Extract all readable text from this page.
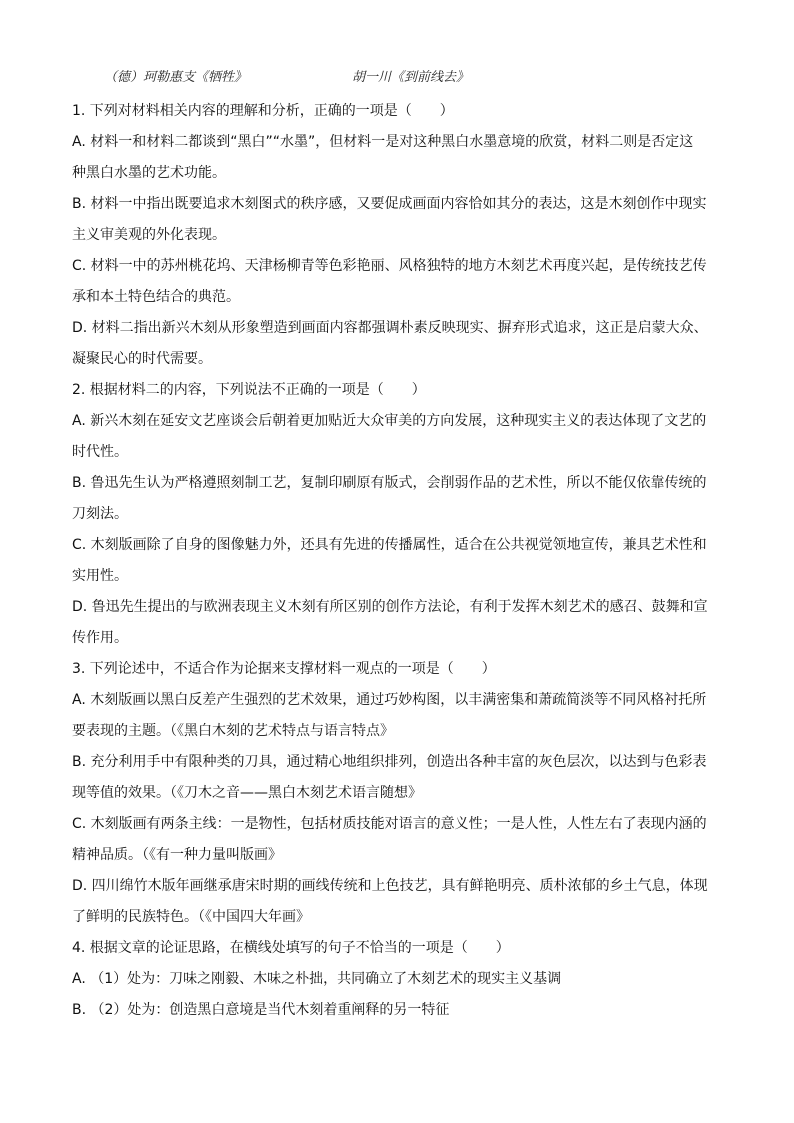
（德）珂勒惠支《牺牲》	胡一川《到前线去》
1. 下列对材料相关内容的理解和分析，正确的一项是（　　）
A. 材料一和材料二都谈到“黑白”“水墨”，但材料一是对这种黑白水墨意境的欣赏，材料二则是否定这
种黑白水墨的艺术功能。
B. 材料一中指出既要追求木刻图式的秩序感，又要促成画面内容恰如其分的表达，这是木刻创作中现实
主义审美观的外化表现。
C. 材料一中的苏州桃花坞、天津杨柳青等色彩艳丽、风格独特的地方木刻艺术再度兴起，是传统技艺传
承和本土特色结合的典范。
D. 材料二指出新兴木刻从形象塑造到画面内容都强调朴素反映现实、摒弃形式追求，这正是启蒙大众、
凝聚民心的时代需要。
2. 根据材料二的内容，下列说法不正确的一项是（　　）
A. 新兴木刻在延安文艺座谈会后朝着更加贴近大众审美的方向发展，这种现实主义的表达体现了文艺的
时代性。
B. 鲁迅先生认为严格遵照刻制工艺，复制印刷原有版式，会削弱作品的艺术性，所以不能仅依靠传统的
刀刻法。
C. 木刻版画除了自身的图像魅力外，还具有先进的传播属性，适合在公共视觉领地宣传，兼具艺术性和
实用性。
D. 鲁迅先生提出的与欧洲表现主义木刻有所区别的创作方法论，有利于发挥木刻艺术的感召、鼓舞和宣
传作用。
3. 下列论述中，不适合作为论据来支撑材料一观点的一项是（　　）
A. 木刻版画以黑白反差产生强烈的艺术效果，通过巧妙构图，以丰满密集和萧疏简淡等不同风格衬托所
要表现的主题。（《黑白木刻的艺术特点与语言特点》
B. 充分利用手中有限种类的刀具，通过精心地组织排列，创造出各种丰富的灰色层次，以达到与色彩表
现等值的效果。（《刀木之音——黑白木刻艺术语言随想》
C. 木刻版画有两条主线：一是物性，包括材质技能对语言的意义性；一是人性，人性左右了表现内涵的
精神品质。（《有一种力量叫版画》
D. 四川绵竹木版年画继承唐宋时期的画线传统和上色技艺，具有鲜艳明亮、质朴浓郁的乡土气息，体现
了鲜明的民族特色。（《中国四大年画》
4. 根据文章的论证思路，在横线处填写的句子不恰当的一项是（　　）
A. （1）处为：刀味之刚毅、木味之朴拙，共同确立了木刻艺术的现实主义基调
B. （2）处为：创造黑白意境是当代木刻着重阐释的另一特征
